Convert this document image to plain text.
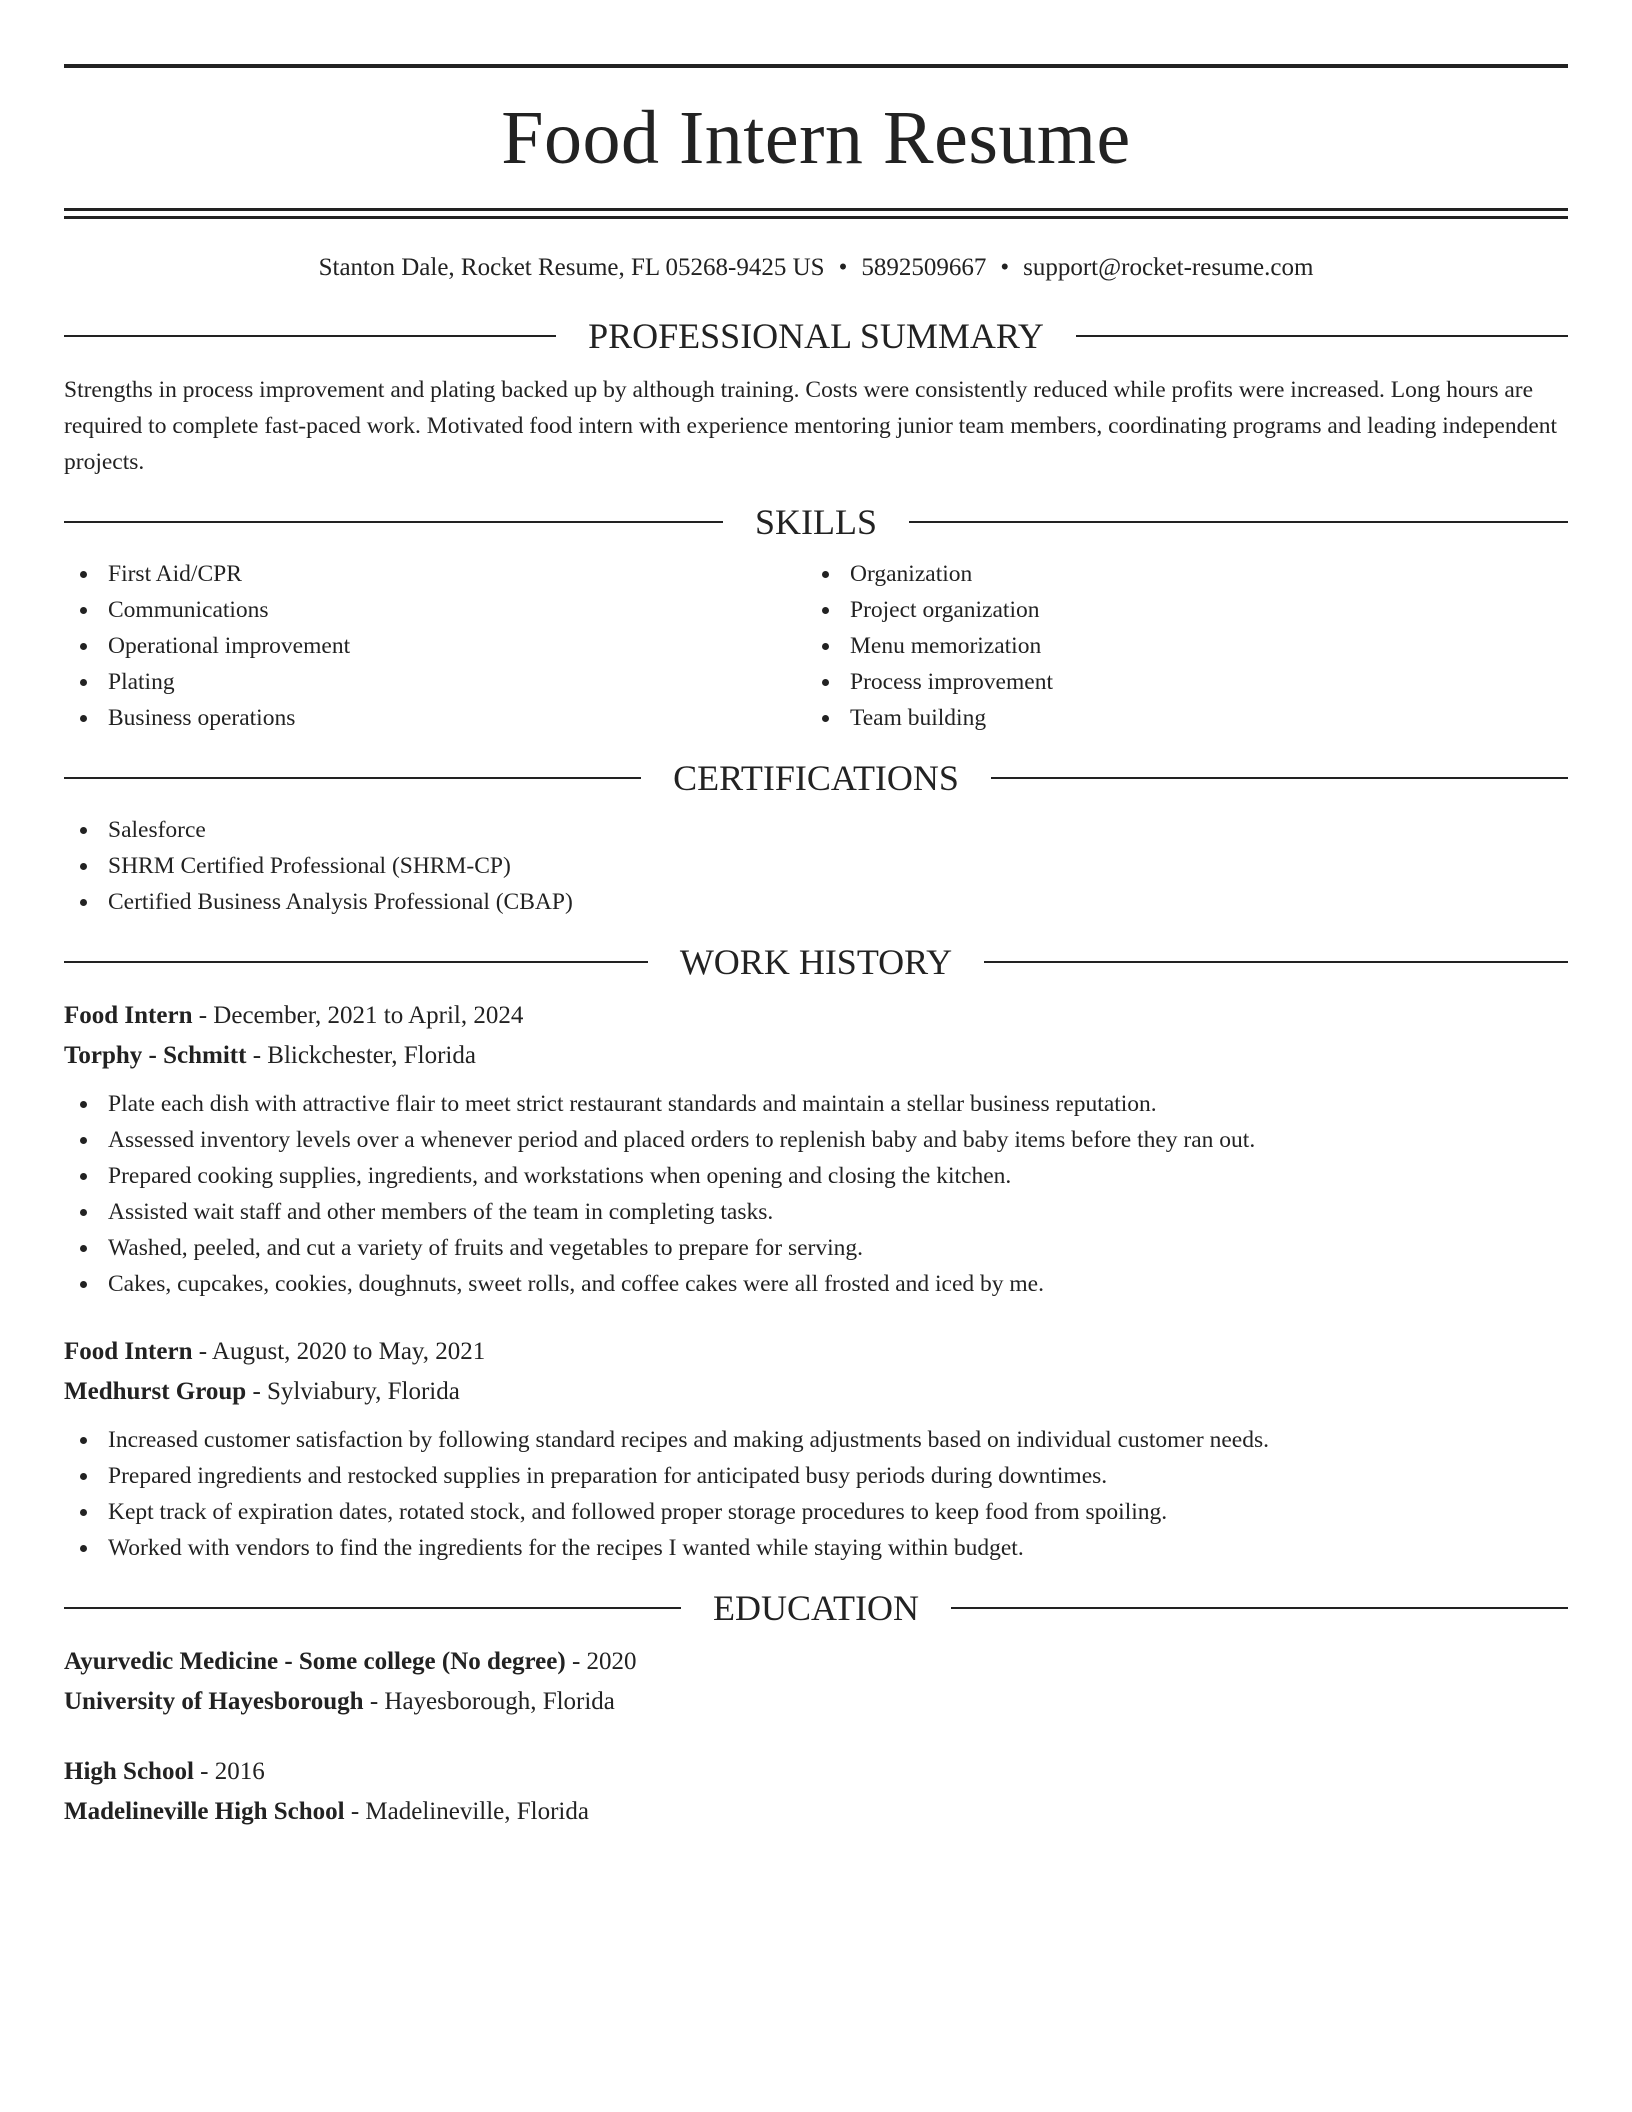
Food Intern Resume
Stanton Dale, Rocket Resume, FL 05268-9425 US • 5892509667 • support@rocket-resume.com
PROFESSIONAL SUMMARY

Strengths in process improvement and plating backed up by although training. Costs were consistently reduced while profits were increased. Long hours are required to complete fast-paced work. Motivated food intern with experience mentoring junior team members, coordinating programs and leading independent projects.

SKILLS
First Aid/CPR
Communications
Operational improvement
Plating
Business operations
Organization
Project organization
Menu memorization
Process improvement
Team building
CERTIFICATIONS
Salesforce
SHRM Certified Professional (SHRM-CP)
Certified Business Analysis Professional (CBAP)
WORK HISTORY
Food Intern - December, 2021 to April, 2024
Torphy - Schmitt - Blickchester, Florida
Plate each dish with attractive flair to meet strict restaurant standards and maintain a stellar business reputation.
Assessed inventory levels over a whenever period and placed orders to replenish baby and baby items before they ran out.
Prepared cooking supplies, ingredients, and workstations when opening and closing the kitchen.
Assisted wait staff and other members of the team in completing tasks.
Washed, peeled, and cut a variety of fruits and vegetables to prepare for serving.
Cakes, cupcakes, cookies, doughnuts, sweet rolls, and coffee cakes were all frosted and iced by me.
Food Intern - August, 2020 to May, 2021
Medhurst Group - Sylviabury, Florida
Increased customer satisfaction by following standard recipes and making adjustments based on individual customer needs.
Prepared ingredients and restocked supplies in preparation for anticipated busy periods during downtimes.
Kept track of expiration dates, rotated stock, and followed proper storage procedures to keep food from spoiling.
Worked with vendors to find the ingredients for the recipes I wanted while staying within budget.
EDUCATION
Ayurvedic Medicine - Some college (No degree) - 2020
University of Hayesborough - Hayesborough, Florida
High School - 2016
Madelineville High School - Madelineville, Florida
